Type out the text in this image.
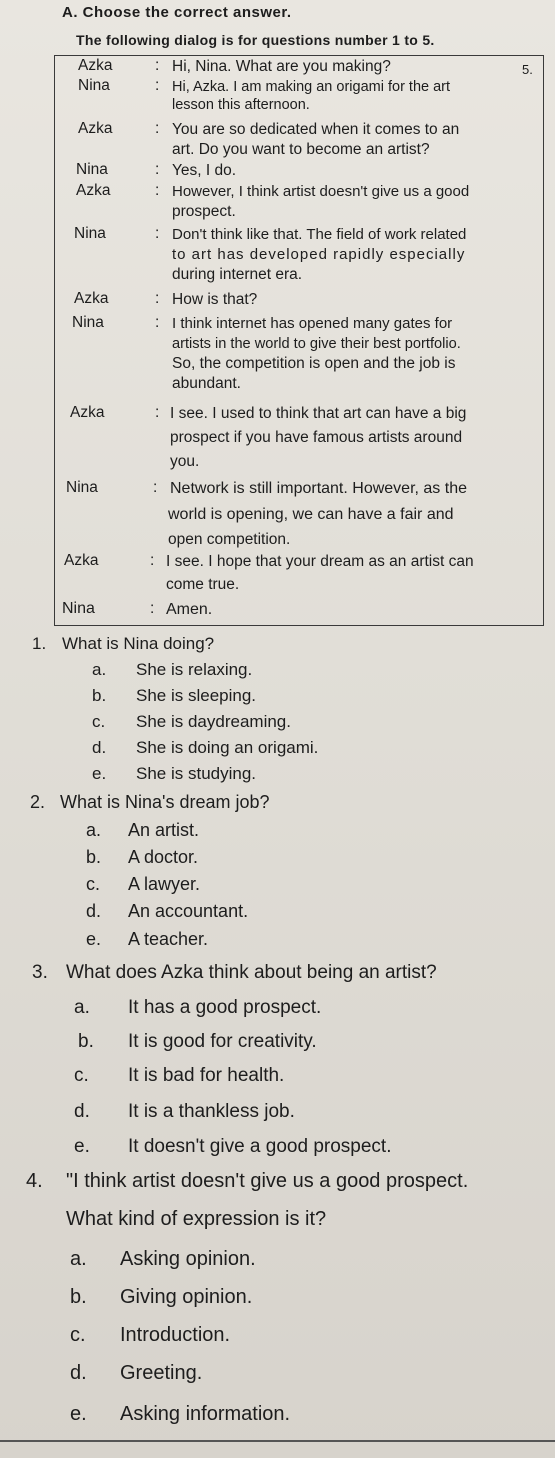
A. Choose the correct answer.
The following dialog is for questions number 1 to 5.
5.
Azka	: Hi, Nina. What are you making?
Nina	: Hi, Azka. I am making an origami for the art
lesson this afternoon.
Azka	: You are so dedicated when it comes to an
art. Do you want to become an artist?
Nina	: Yes, I do.
Azka	: However, I think artist doesn't give us a good
prospect.
Nina	: Don't think like that. The field of work related
to art has developed rapidly especially
during internet era.
Azka	: How is that?
Nina	: I think internet has opened many gates for
artists in the world to give their best portfolio.
So, the competition is open and the job is
abundant.
Azka	: I see. I used to think that art can have a big
prospect if you have famous artists around
you.
Nina	: Network is still important. However, as the
world is opening, we can have a fair and
open competition.
Azka	: I see. I hope that your dream as an artist can
come true.
Nina	: Amen.
1. What is Nina doing?
a. She is relaxing.
b. She is sleeping.
c. She is daydreaming.
d. She is doing an origami.
e. She is studying.
2. What is Nina's dream job?
a. An artist.
b. A doctor.
c. A lawyer.
d. An accountant.
e. A teacher.
3. What does Azka think about being an artist?
a. It has a good prospect.
b. It is good for creativity.
c. It is bad for health.
d. It is a thankless job.
e. It doesn't give a good prospect.
4. "I think artist doesn't give us a good prospect.
What kind of expression is it?
a. Asking opinion.
b. Giving opinion.
c. Introduction.
d. Greeting.
e. Asking information.
